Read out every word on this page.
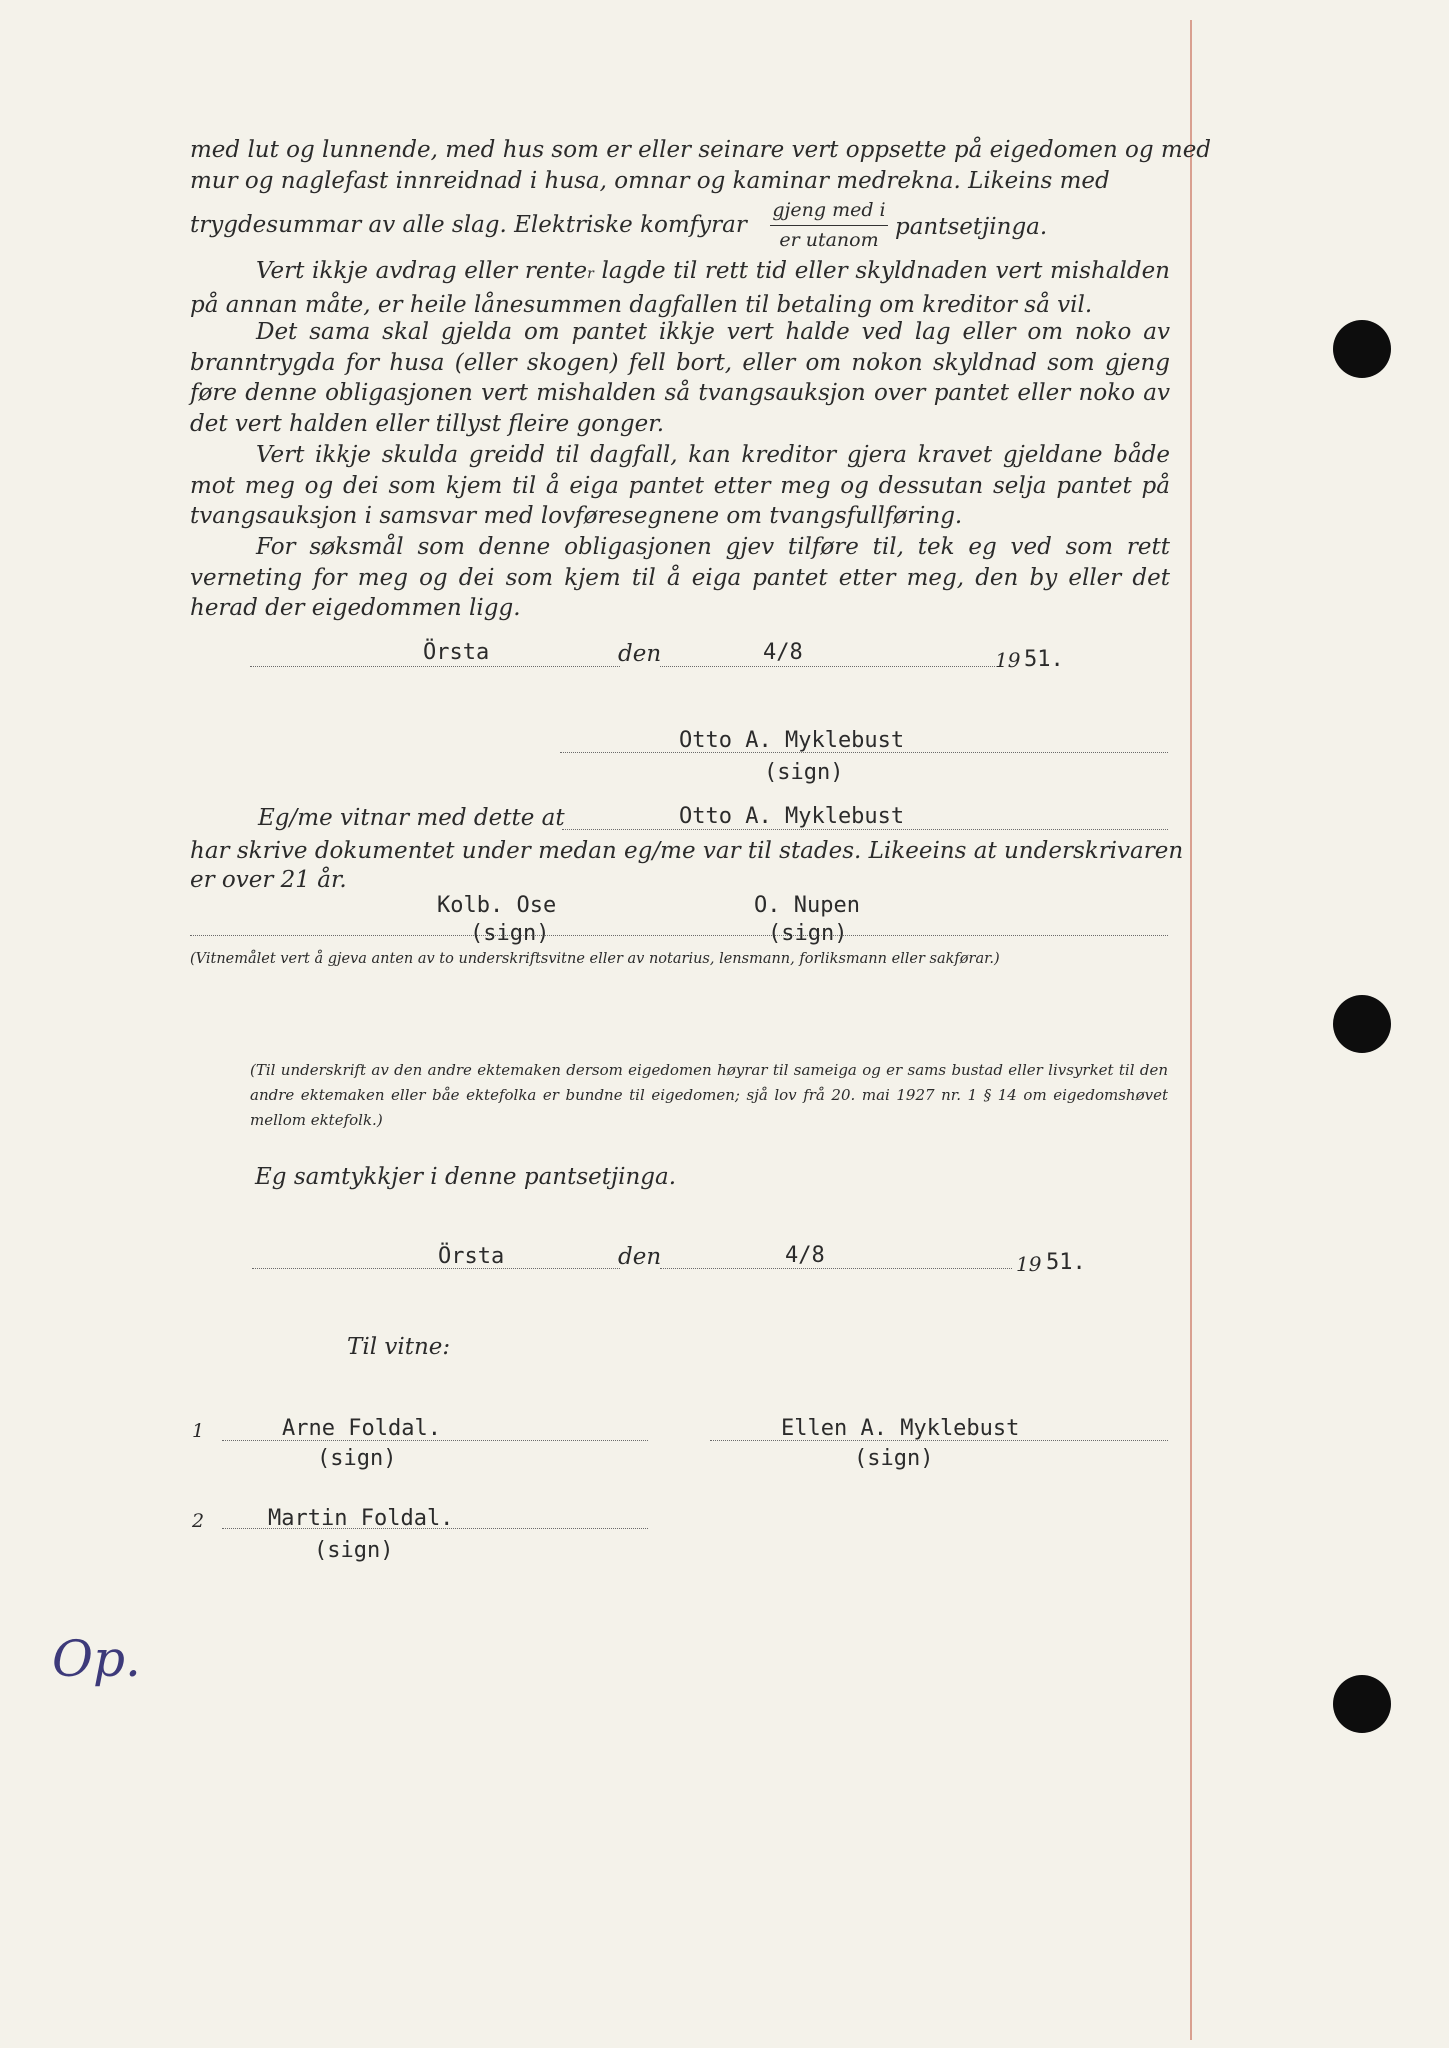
med lut og lunnende, med hus som er eller seinare vert oppsette på eigedomen og med
mur og naglefast innreidnad i husa, omnar og kaminar medrekna. Likeins med
trygdesummar av alle slag. Elektriske komfyrar
gjeng med i
er utanom pantsetjinga.

Vert ikkje avdrag eller renter lagde til rett tid eller skyldnaden vert mishalden på annan måte, er heile lånesummen dagfallen til betaling om kreditor så vil.

Det sama skal gjelda om pantet ikkje vert halde ved lag eller om noko av branntrygda for husa (eller skogen) fell bort, eller om nokon skyldnad som gjeng føre denne obligasjonen vert mishalden så tvangsauksjon over pantet eller noko av det vert halden eller tillyst fleire gonger.

Vert ikkje skulda greidd til dagfall, kan kreditor gjera kravet gjeldane både mot meg og dei som kjem til å eiga pantet etter meg og dessutan selja pantet på tvangsauksjon i samsvar med lovføresegnene om tvangsfullføring.

For søksmål som denne obligasjonen gjev tilføre til, tek eg ved som rett verneting for meg og dei som kjem til å eiga pantet etter meg, den by eller det herad der eigedommen ligg.

Örsta	den	4/8	19 51.
Otto A. Myklebust
(sign)
Eg/me vitnar med dette at	Otto A. Myklebust
har skrive dokumentet under medan eg/me var til stades. Likeeins at underskrivaren
er over 21 år.
Kolb. Ose
(sign)
O. Nupen
(sign)
(Vitnemålet vert å gjeva anten av to underskriftsvitne eller av notarius, lensmann, forliksmann eller sakførar.)

(Til underskrift av den andre ektemaken dersom eigedomen høyrar til sameiga og er sams bustad eller livsyrket til den andre ektemaken eller båe ektefolka er bundne til eigedomen; sjå lov frå 20. mai 1927 nr. 1 § 14 om eigedomshøvet mellom ektefolk.)

Eg samtykkjer i denne pantsetjinga.
Örsta	den	4/8	19 51.
Til vitne:
1	Arne Foldal.
(sign)
Ellen A. Myklebust
(sign)
2	Martin Foldal.
(sign)
Op.
